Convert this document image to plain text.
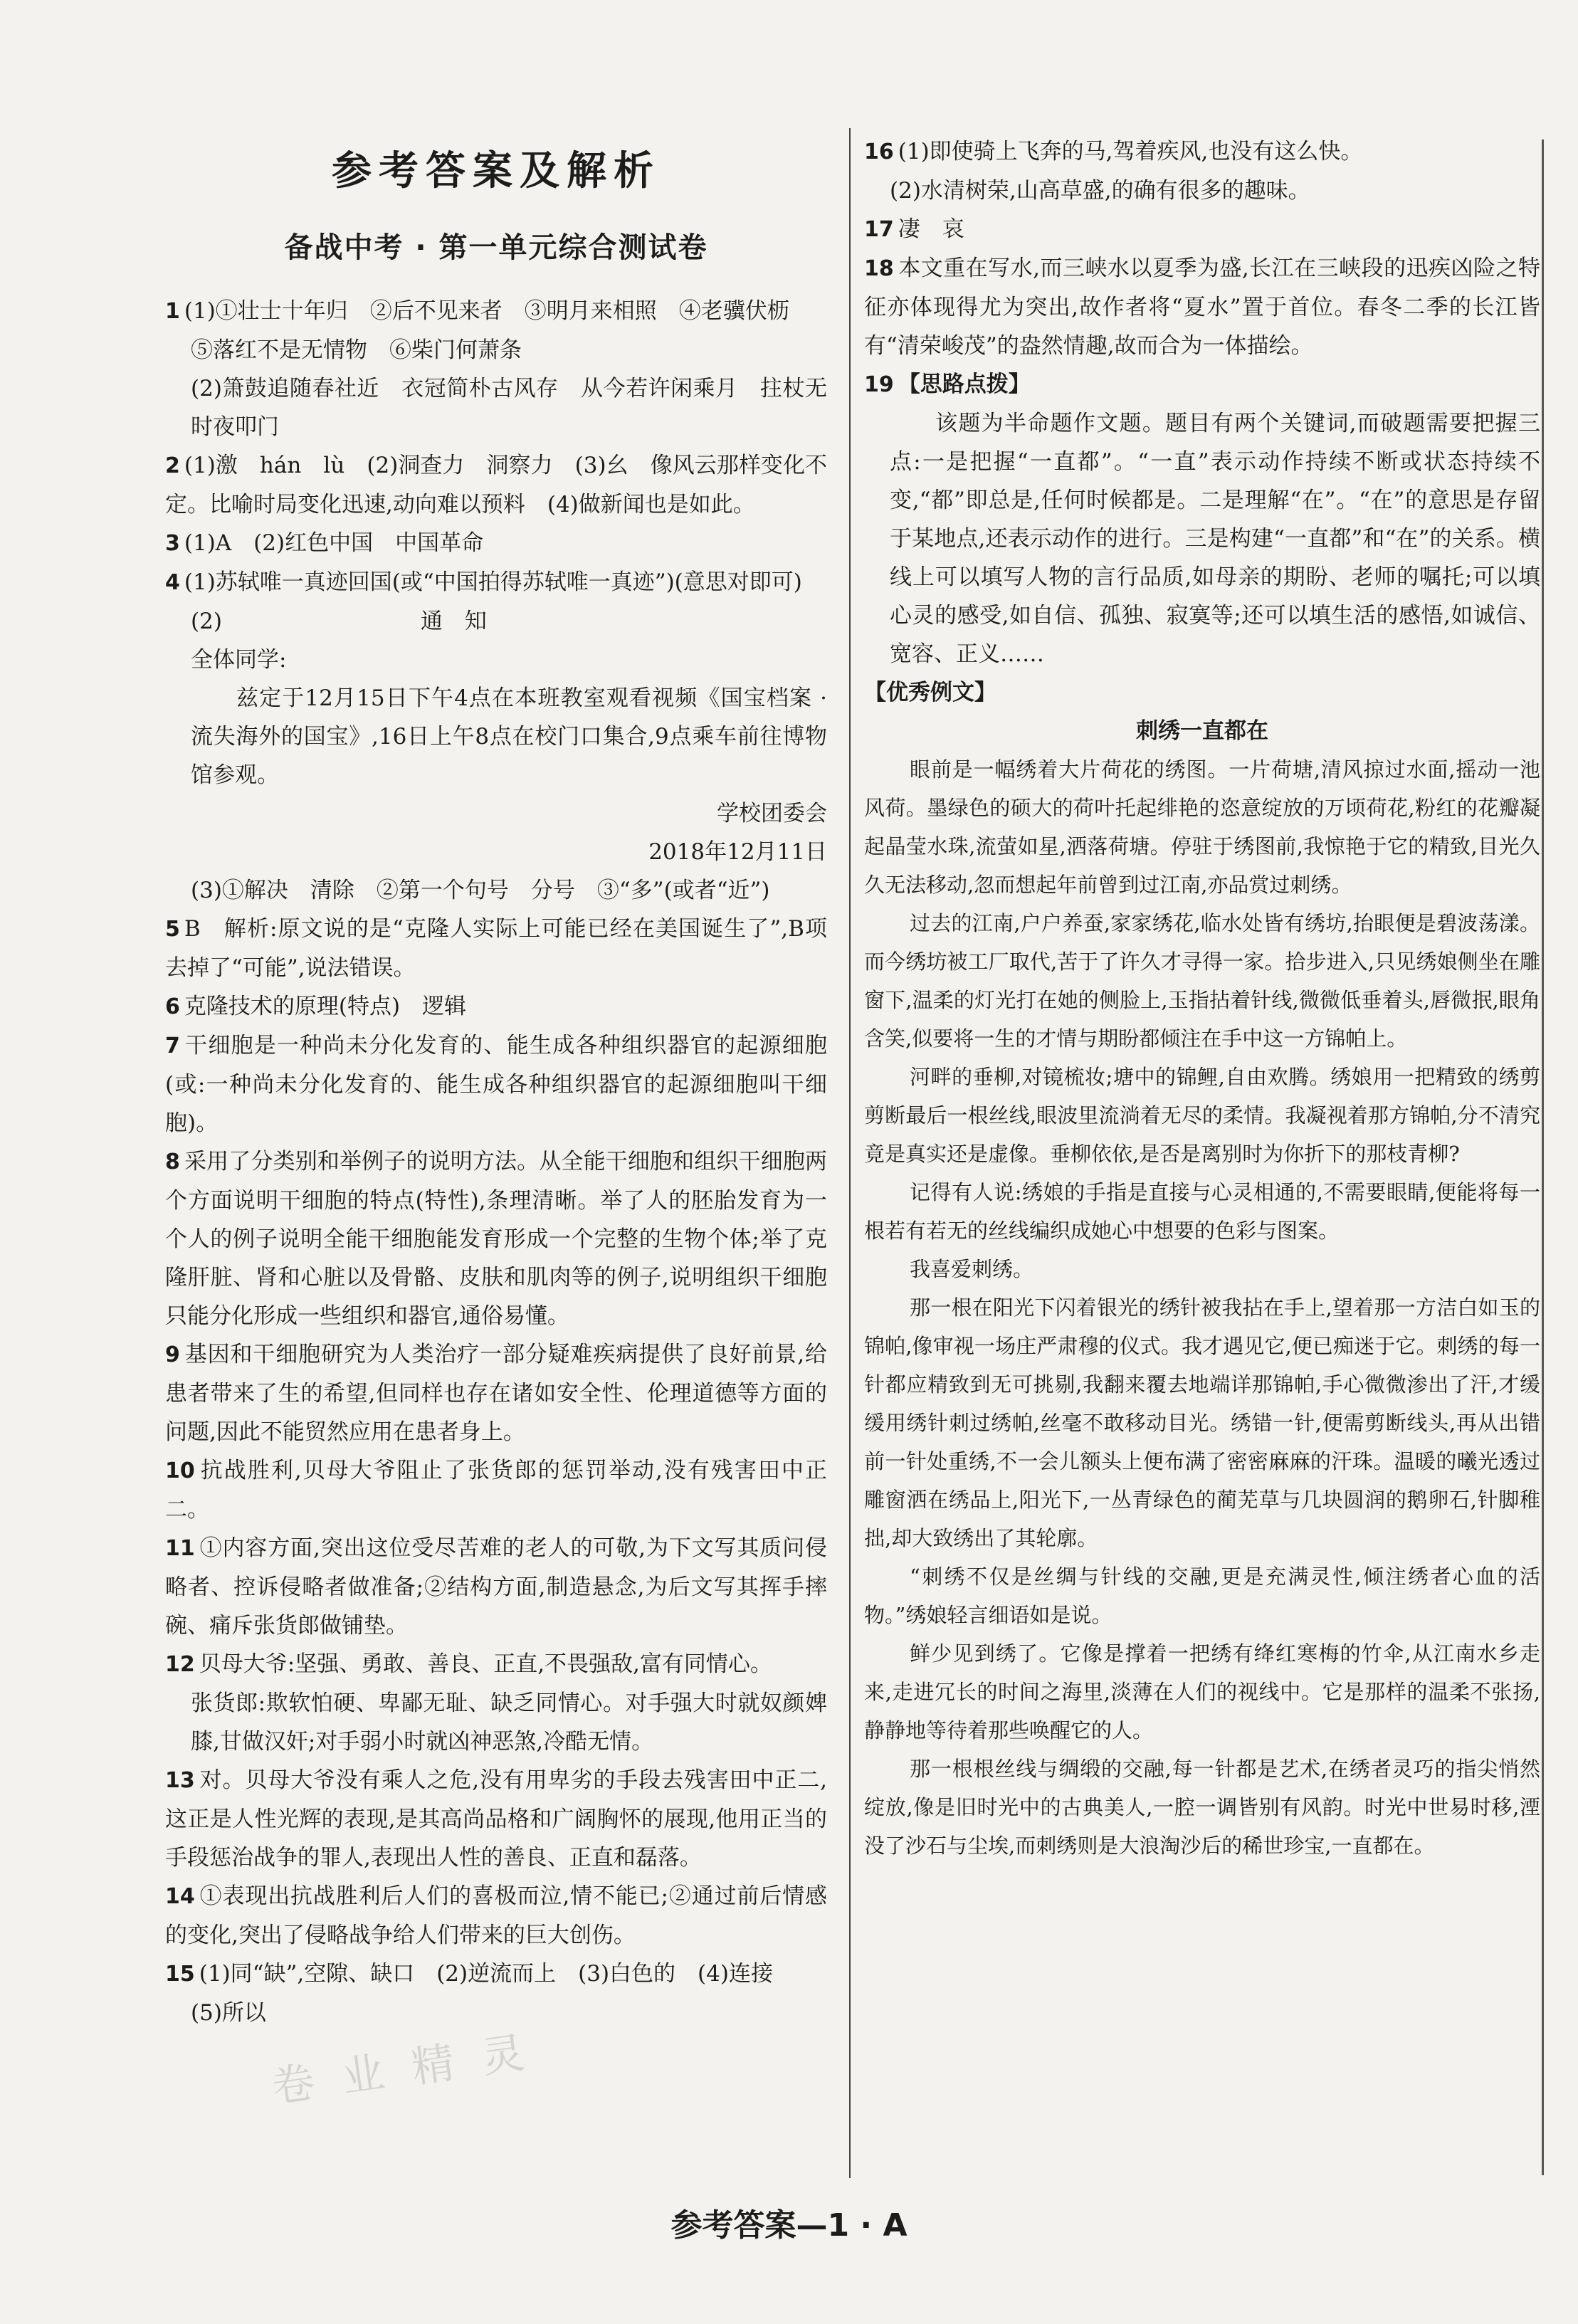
参考答案及解析
备战中考 · 第一单元综合测试卷

1 (1)①壮士十年归　②后不见来者　③明月来相照　④老骥伏枥

⑤落红不是无情物　⑥柴门何萧条

(2)箫鼓追随春社近　衣冠简朴古风存　从今若许闲乘月　拄杖无时夜叩门

2 (1)激　hán　lù　(2)洞查力　洞察力　(3)幺　像风云那样变化不定。比喻时局变化迅速,动向难以预料　(4)做新闻也是如此。

3 (1)A　(2)红色中国　中国革命

4 (1)苏轼唯一真迹回国(或“中国拍得苏轼唯一真迹”)(意思对即可)

(2)　　　　　　　　　通　知

全体同学:

兹定于12月15日下午4点在本班教室观看视频《国宝档案 · 流失海外的国宝》,16日上午8点在校门口集合,9点乘车前往博物馆参观。

学校团委会

2018年12月11日

(3)①解决　清除　②第一个句号　分号　③“多”(或者“近”)

5 B　解析:原文说的是“克隆人实际上可能已经在美国诞生了”,B项去掉了“可能”,说法错误。

6 克隆技术的原理(特点)　逻辑

7 干细胞是一种尚未分化发育的、能生成各种组织器官的起源细胞(或:一种尚未分化发育的、能生成各种组织器官的起源细胞叫干细胞)。

8 采用了分类别和举例子的说明方法。从全能干细胞和组织干细胞两个方面说明干细胞的特点(特性),条理清晰。举了人的胚胎发育为一个人的例子说明全能干细胞能发育形成一个完整的生物个体;举了克隆肝脏、肾和心脏以及骨骼、皮肤和肌肉等的例子,说明组织干细胞只能分化形成一些组织和器官,通俗易懂。

9 基因和干细胞研究为人类治疗一部分疑难疾病提供了良好前景,给患者带来了生的希望,但同样也存在诸如安全性、伦理道德等方面的问题,因此不能贸然应用在患者身上。

10 抗战胜利,贝母大爷阻止了张货郎的惩罚举动,没有残害田中正二。

11 ①内容方面,突出这位受尽苦难的老人的可敬,为下文写其质问侵略者、控诉侵略者做准备;②结构方面,制造悬念,为后文写其挥手摔碗、痛斥张货郎做铺垫。

12 贝母大爷:坚强、勇敢、善良、正直,不畏强敌,富有同情心。

张货郎:欺软怕硬、卑鄙无耻、缺乏同情心。对手强大时就奴颜婢膝,甘做汉奸;对手弱小时就凶神恶煞,冷酷无情。

13 对。贝母大爷没有乘人之危,没有用卑劣的手段去残害田中正二,这正是人性光辉的表现,是其高尚品格和广阔胸怀的展现,他用正当的手段惩治战争的罪人,表现出人性的善良、正直和磊落。

14 ①表现出抗战胜利后人们的喜极而泣,情不能已;②通过前后情感的变化,突出了侵略战争给人们带来的巨大创伤。

15 (1)同“缺”,空隙、缺口　(2)逆流而上　(3)白色的　(4)连接

(5)所以

16 (1)即使骑上飞奔的马,驾着疾风,也没有这么快。

(2)水清树荣,山高草盛,的确有很多的趣味。

17 凄　哀

18 本文重在写水,而三峡水以夏季为盛,长江在三峡段的迅疾凶险之特征亦体现得尤为突出,故作者将“夏水”置于首位。春冬二季的长江皆有“清荣峻茂”的盎然情趣,故而合为一体描绘。

19 【思路点拨】

该题为半命题作文题。题目有两个关键词,而破题需要把握三点:一是把握“一直都”。“一直”表示动作持续不断或状态持续不变,“都”即总是,任何时候都是。二是理解“在”。“在”的意思是存留于某地点,还表示动作的进行。三是构建“一直都”和“在”的关系。横线上可以填写人物的言行品质,如母亲的期盼、老师的嘱托;可以填心灵的感受,如自信、孤独、寂寞等;还可以填生活的感悟,如诚信、宽容、正义……

【优秀例文】

刺绣一直都在

眼前是一幅绣着大片荷花的绣图。一片荷塘,清风掠过水面,摇动一池风荷。墨绿色的硕大的荷叶托起绯艳的恣意绽放的万顷荷花,粉红的花瓣凝起晶莹水珠,流萤如星,洒落荷塘。停驻于绣图前,我惊艳于它的精致,目光久久无法移动,忽而想起年前曾到过江南,亦品赏过刺绣。

过去的江南,户户养蚕,家家绣花,临水处皆有绣坊,抬眼便是碧波荡漾。而今绣坊被工厂取代,苦于了许久才寻得一家。拾步进入,只见绣娘侧坐在雕窗下,温柔的灯光打在她的侧脸上,玉指拈着针线,微微低垂着头,唇微抿,眼角含笑,似要将一生的才情与期盼都倾注在手中这一方锦帕上。

河畔的垂柳,对镜梳妆;塘中的锦鲤,自由欢腾。绣娘用一把精致的绣剪剪断最后一根丝线,眼波里流淌着无尽的柔情。我凝视着那方锦帕,分不清究竟是真实还是虚像。垂柳依依,是否是离别时为你折下的那枝青柳?

记得有人说:绣娘的手指是直接与心灵相通的,不需要眼睛,便能将每一根若有若无的丝线编织成她心中想要的色彩与图案。

我喜爱刺绣。

那一根在阳光下闪着银光的绣针被我拈在手上,望着那一方洁白如玉的锦帕,像审视一场庄严肃穆的仪式。我才遇见它,便已痴迷于它。刺绣的每一针都应精致到无可挑剔,我翻来覆去地端详那锦帕,手心微微渗出了汗,才缓缓用绣针刺过绣帕,丝毫不敢移动目光。绣错一针,便需剪断线头,再从出错前一针处重绣,不一会儿额头上便布满了密密麻麻的汗珠。温暖的曦光透过雕窗洒在绣品上,阳光下,一丛青绿色的蔺芜草与几块圆润的鹅卵石,针脚稚拙,却大致绣出了其轮廓。

“刺绣不仅是丝绸与针线的交融,更是充满灵性,倾注绣者心血的活物。”绣娘轻言细语如是说。

鲜少见到绣了。它像是撑着一把绣有绛红寒梅的竹伞,从江南水乡走来,走进冗长的时间之海里,淡薄在人们的视线中。它是那样的温柔不张扬,静静地等待着那些唤醒它的人。

那一根根丝线与绸缎的交融,每一针都是艺术,在绣者灵巧的指尖悄然绽放,像是旧时光中的古典美人,一腔一调皆别有风韵。时光中世易时移,湮没了沙石与尘埃,而刺绣则是大浪淘沙后的稀世珍宝,一直都在。

卷 业 精 灵
参考答案—1 · A
